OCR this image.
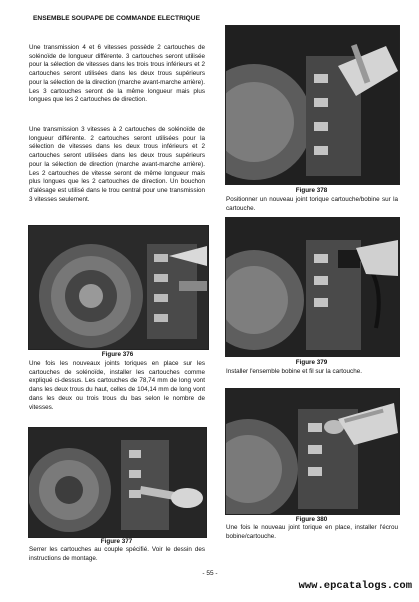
ENSEMBLE SOUPAPE DE COMMANDE ELECTRIQUE

Une transmission 4 et 6 vitesses possède 2 cartouches de solénoïde de longueur différente. 3 cartouches seront utilisée pour la sélection de vitesses dans les trois trous inférieurs et 2 cartouches seront utilisées dans les deux trous supérieurs pour la sélection de la direction (marche avant-marche arrière). Les 3 cartouches seront de la même longueur mais plus longues que les 2 cartouches de direction.

Une transmission 3 vitesses à 2 cartouches de solénoïde de longueur différente. 2 cartouches seront utilisées pour la sélection de vitesses dans les deux trous inférieurs et 2 cartouches seront utilisées dans les deux trous supérieurs pour la sélection de direction (marche avant-marche arrière). Les 2 cartouches de vitesse seront de même longueur mais plus longues que les 2 cartouches de direction. Un bouchon d'alésage est utilisé dans le trou central pour une transmission 3 vitesses seulement.

Figure 376

Une fois les nouveaux joints toriques en place sur les cartouches de solénoïde, installer les cartouches comme expliqué ci-dessus. Les cartouches de 78,74 mm de long vont dans les deux trous du haut, celles de 104,14 mm de long vont dans les deux ou trois trous du bas selon le nombre de vitesses.

Figure 377

Serrer les cartouches au couple spécifié. Voir le dessin des instructions de montage.

Figure 378

Positionner un nouveau joint torique cartouche/bobine sur la cartouche.

Figure 379

Installer l'ensemble bobine et fil sur la cartouche.

Figure 380

Une fois le nouveau joint torique en place, installer l'écrou bobine/cartouche.

- 55 -
www.epcatalogs.com
